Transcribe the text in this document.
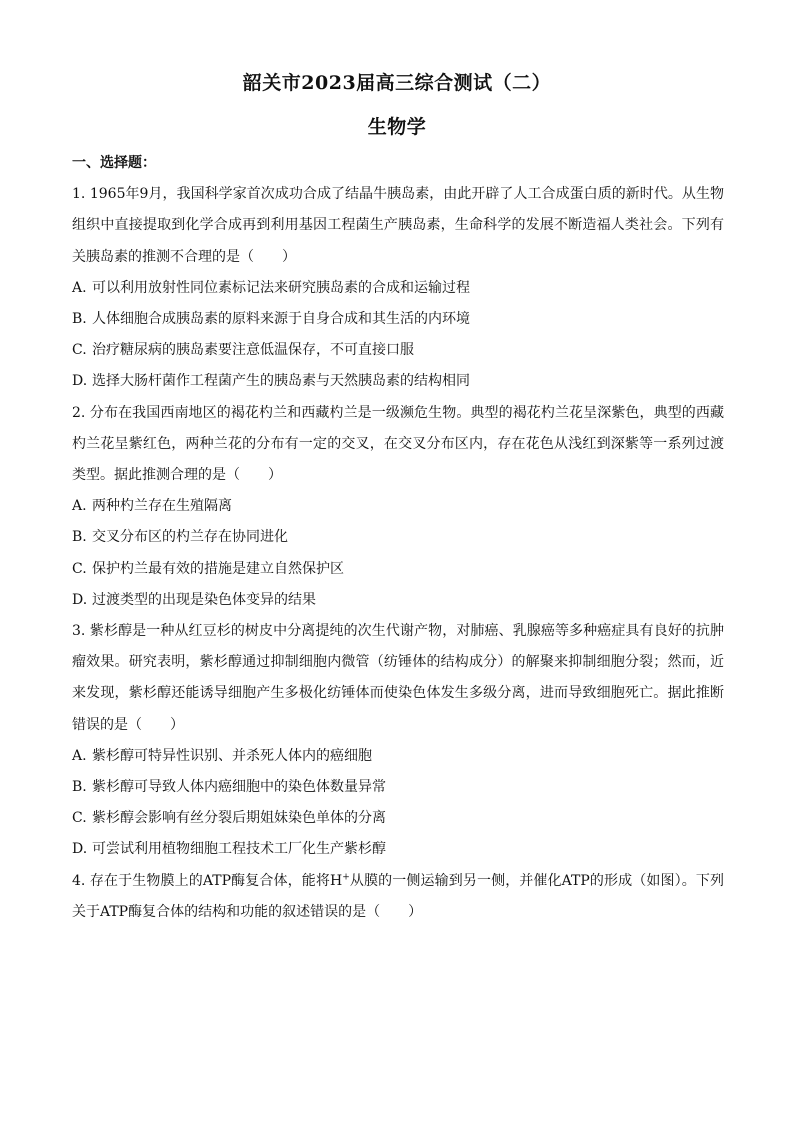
韶关市2023届高三综合测试（二）
生物学
一、选择题：
1. 1965年9月，我国科学家首次成功合成了结晶牛胰岛素，由此开辟了人工合成蛋白质的新时代。从生物组织中直接提取到化学合成再到利用基因工程菌生产胰岛素，生命科学的发展不断造福人类社会。下列有关胰岛素的推测不合理的是（　　）
A. 可以利用放射性同位素标记法来研究胰岛素的合成和运输过程
B. 人体细胞合成胰岛素的原料来源于自身合成和其生活的内环境
C. 治疗糖尿病的胰岛素要注意低温保存，不可直接口服
D. 选择大肠杆菌作工程菌产生的胰岛素与天然胰岛素的结构相同
2. 分布在我国西南地区的褐花杓兰和西藏杓兰是一级濒危生物。典型的褐花杓兰花呈深紫色，典型的西藏杓兰花呈紫红色，两种兰花的分布有一定的交叉，在交叉分布区内，存在花色从浅红到深紫等一系列过渡类型。据此推测合理的是（　　）
A. 两种杓兰存在生殖隔离
B. 交叉分布区的杓兰存在协同进化
C. 保护杓兰最有效的措施是建立自然保护区
D. 过渡类型的出现是染色体变异的结果
3. 紫杉醇是一种从红豆杉的树皮中分离提纯的次生代谢产物，对肺癌、乳腺癌等多种癌症具有良好的抗肿瘤效果。研究表明，紫杉醇通过抑制细胞内微管（纺锤体的结构成分）的解聚来抑制细胞分裂；然而，近来发现，紫杉醇还能诱导细胞产生多极化纺锤体而使染色体发生多级分离，进而导致细胞死亡。据此推断错误的是（　　）
A. 紫杉醇可特异性识别、并杀死人体内的癌细胞
B. 紫杉醇可导致人体内癌细胞中的染色体数量异常
C. 紫杉醇会影响有丝分裂后期姐妹染色单体的分离
D. 可尝试利用植物细胞工程技术工厂化生产紫杉醇
4. 存在于生物膜上的ATP酶复合体，能将H+从膜的一侧运输到另一侧，并催化ATP的形成（如图）。下列关于ATP酶复合体的结构和功能的叙述错误的是（　　）
